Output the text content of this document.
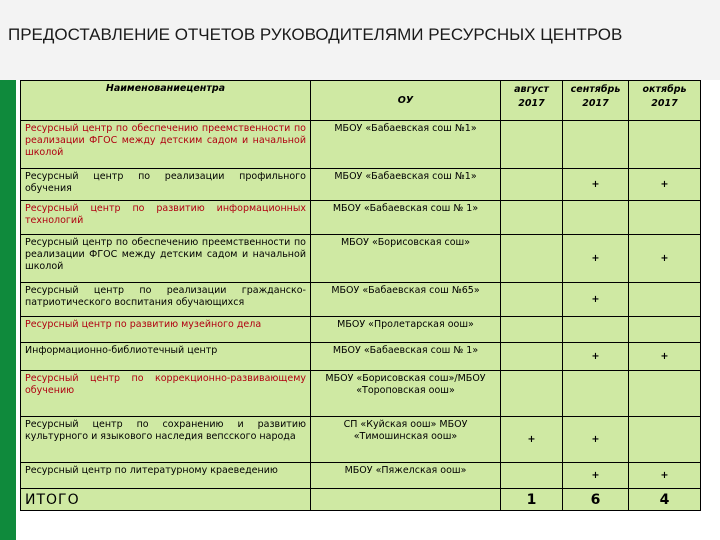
ПРЕДОСТАВЛЕНИЕ ОТЧЕТОВ РУКОВОДИТЕЛЯМИ РЕСУРСНЫХ ЦЕНТРОВ
Наименованиецентра	ОУ	август 2017	сентябрь 2017	октябрь 2017
Ресурсный центр по обеспечению преемственности по реализации ФГОС между детским садом и начальной школой	МБОУ «Бабаевская сош №1»			
Ресурсный центр по реализации профильного обучения	МБОУ «Бабаевская сош №1»		+	+
Ресурсный центр по развитию информационных технологий	МБОУ «Бабаевская сош № 1»			
Ресурсный центр по обеспечению преемственности по реализации ФГОС между детским садом и начальной школой	МБОУ «Борисовская сош»		+	+
Ресурсный центр по реализации гражданско-патриотического воспитания обучающихся	МБОУ «Бабаевская сош №65»		+	
Ресурсный центр по развитию музейного дела	МБОУ «Пролетарская оош»			
Информационно-библиотечный центр	МБОУ «Бабаевская сош № 1»		+	+
Ресурсный центр по коррекционно-развивающему обучению	МБОУ «Борисовская сош»/МБОУ «Тороповская оош»			
Ресурсный центр по сохранению и развитию культурного и языкового наследия вепсского народа	СП «Куйская оош» МБОУ «Тимошинская оош»	+	+	
Ресурсный центр по литературному краеведению	МБОУ «Пяжелская оош»		+	+
ИТОГО		1	6	4
